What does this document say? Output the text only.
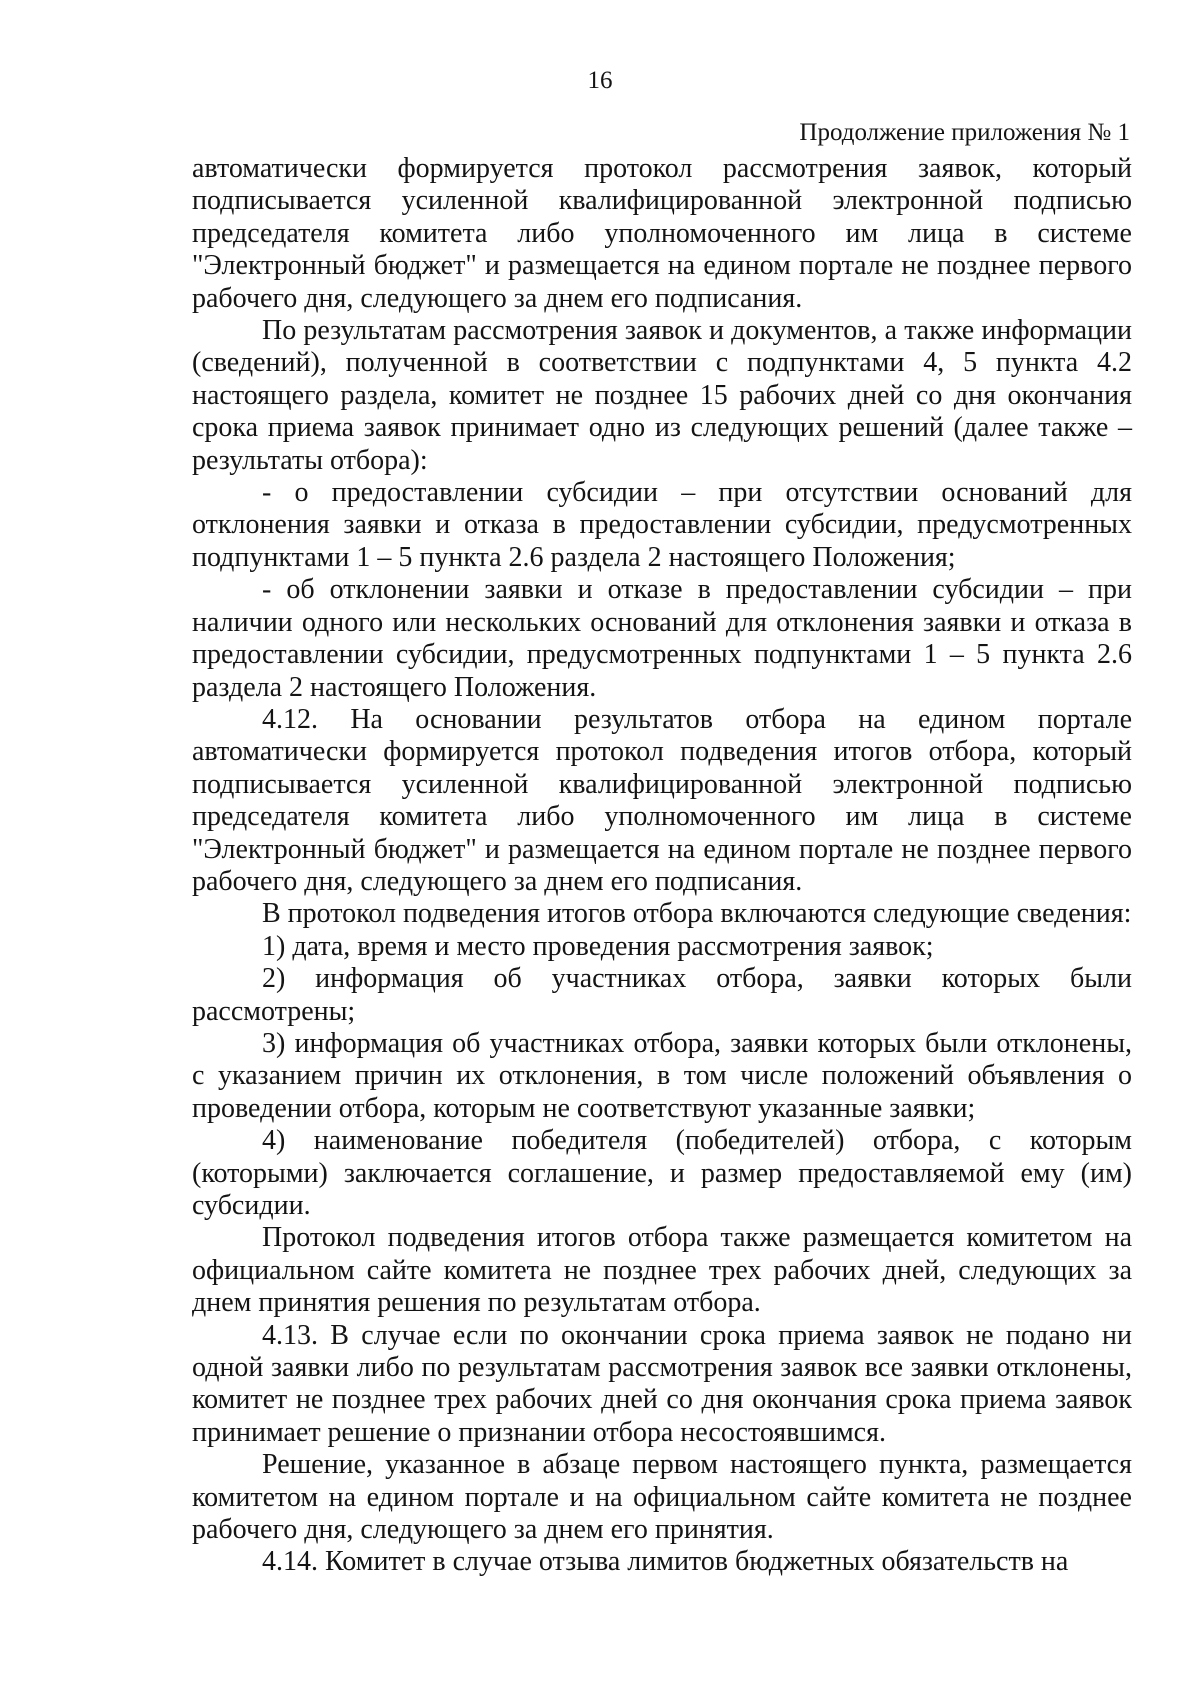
16
Продолжение приложения № 1

автоматически формируется протокол рассмотрения заявок, который подписывается усиленной квалифицированной электронной подписью председателя комитета либо уполномоченного им лица в системе "Электронный бюджет" и размещается на едином портале не позднее первого рабочего дня, следующего за днем его подписания.

По результатам рассмотрения заявок и документов, а также информации (сведений), полученной в соответствии с подпунктами 4, 5 пункта 4.2 настоящего раздела, комитет не позднее 15 рабочих дней со дня окончания срока приема заявок принимает одно из следующих решений (далее также – результаты отбора):

- о предоставлении субсидии – при отсутствии оснований для отклонения заявки и отказа в предоставлении субсидии, предусмотренных подпунктами 1 – 5 пункта 2.6 раздела 2 настоящего Положения;

- об отклонении заявки и отказе в предоставлении субсидии – при наличии одного или нескольких оснований для отклонения заявки и отказа в предоставлении субсидии, предусмотренных подпунктами 1 – 5 пункта 2.6 раздела 2 настоящего Положения.

4.12. На основании результатов отбора на едином портале автоматически формируется протокол подведения итогов отбора, который подписывается усиленной квалифицированной электронной подписью председателя комитета либо уполномоченного им лица в системе "Электронный бюджет" и размещается на едином портале не позднее первого рабочего дня, следующего за днем его подписания.

В протокол подведения итогов отбора включаются следующие сведения:

1) дата, время и место проведения рассмотрения заявок;

2) информация об участниках отбора, заявки которых были рассмотрены;

3) информация об участниках отбора, заявки которых были отклонены, с указанием причин их отклонения, в том числе положений объявления о проведении отбора, которым не соответствуют указанные заявки;

4) наименование победителя (победителей) отбора, с которым (которыми) заключается соглашение, и размер предоставляемой ему (им) субсидии.

Протокол подведения итогов отбора также размещается комитетом на официальном сайте комитета не позднее трех рабочих дней, следующих за днем принятия решения по результатам отбора.

4.13. В случае если по окончании срока приема заявок не подано ни одной заявки либо по результатам рассмотрения заявок все заявки отклонены, комитет не позднее трех рабочих дней со дня окончания срока приема заявок принимает решение о признании отбора несостоявшимся.

Решение, указанное в абзаце первом настоящего пункта, размещается комитетом на едином портале и на официальном сайте комитета не позднее рабочего дня, следующего за днем его принятия.

4.14. Комитет в случае отзыва лимитов бюджетных обязательств на
